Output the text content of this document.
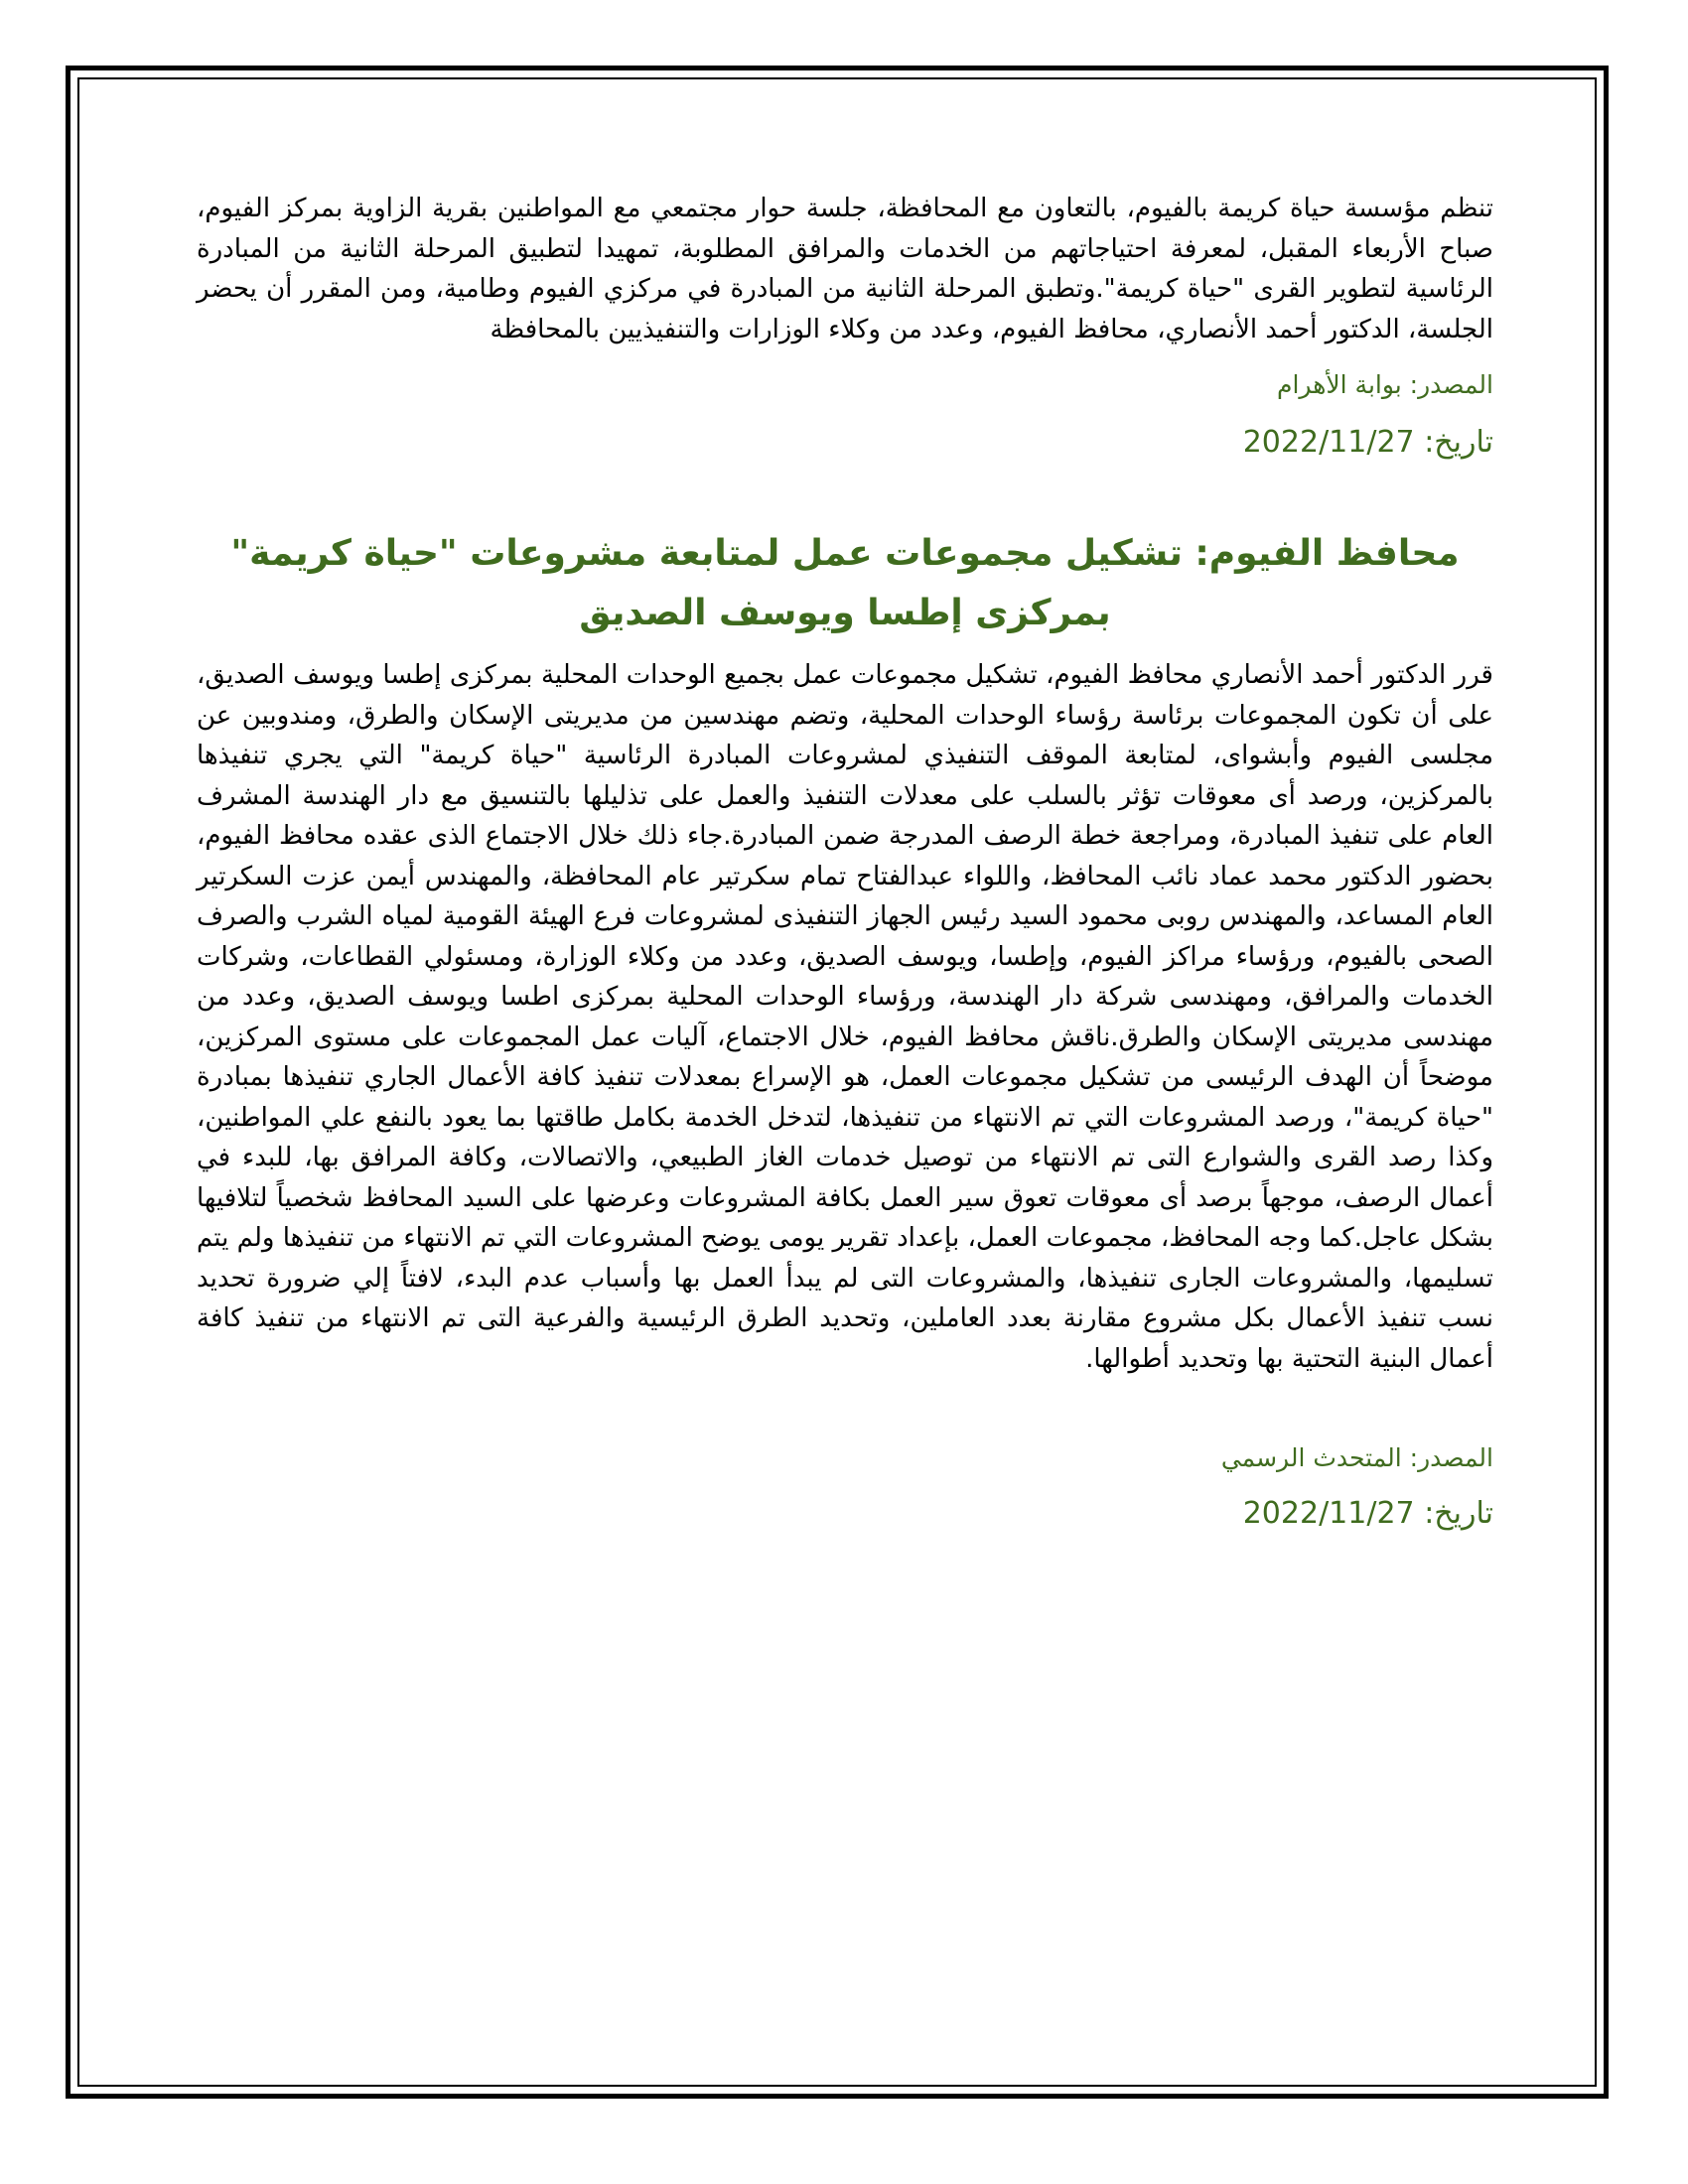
تنظم مؤسسة حياة كريمة بالفيوم، بالتعاون مع المحافظة، جلسة حوار مجتمعي مع المواطنين بقرية الزاوية بمركز الفيوم، صباح الأربعاء المقبل، لمعرفة احتياجاتهم من الخدمات والمرافق المطلوبة، تمهيدا لتطبيق المرحلة الثانية من المبادرة الرئاسية لتطوير القرى "حياة كريمة".وتطبق المرحلة الثانية من المبادرة في مركزي الفيوم وطامية، ومن المقرر أن يحضر الجلسة، الدكتور أحمد الأنصاري، محافظ الفيوم، وعدد من وكلاء الوزارات والتنفيذيين بالمحافظة

المصدر: بوابة الأهرام

تاريخ: 2022/11/27

محافظ الفيوم: تشكيل مجموعات عمل لمتابعة مشروعات "حياة كريمة" بمركزى إطسا ويوسف الصديق

قرر الدكتور أحمد الأنصاري محافظ الفيوم، تشكيل مجموعات عمل بجميع الوحدات المحلية بمركزى إطسا ويوسف الصديق، على أن تكون المجموعات برئاسة رؤساء الوحدات المحلية، وتضم مهندسين من مديريتى الإسكان والطرق، ومندوبين عن مجلسى الفيوم وأبشواى، لمتابعة الموقف التنفيذي لمشروعات المبادرة الرئاسية "حياة كريمة" التي يجري تنفيذها بالمركزين، ورصد أى معوقات تؤثر بالسلب على معدلات التنفيذ والعمل على تذليلها بالتنسيق مع دار الهندسة المشرف العام على تنفيذ المبادرة، ومراجعة خطة الرصف المدرجة ضمن المبادرة.جاء ذلك خلال الاجتماع الذى عقده محافظ الفيوم، بحضور الدكتور محمد عماد نائب المحافظ، واللواء عبدالفتاح تمام سكرتير عام المحافظة، والمهندس أيمن عزت السكرتير العام المساعد، والمهندس روبى محمود السيد رئيس الجهاز التنفيذى لمشروعات فرع الهيئة القومية لمياه الشرب والصرف الصحى بالفيوم، ورؤساء مراكز الفيوم، وإطسا، ويوسف الصديق، وعدد من وكلاء الوزارة، ومسئولي القطاعات، وشركات الخدمات والمرافق، ومهندسى شركة دار الهندسة، ورؤساء الوحدات المحلية بمركزى اطسا ويوسف الصديق، وعدد من مهندسى مديريتى الإسكان والطرق.ناقش محافظ الفيوم، خلال الاجتماع، آليات عمل المجموعات على مستوى المركزين، موضحاً أن الهدف الرئيسى من تشكيل مجموعات العمل، هو الإسراع بمعدلات تنفيذ كافة الأعمال الجاري تنفيذها بمبادرة "حياة كريمة"، ورصد المشروعات التي تم الانتهاء من تنفيذها، لتدخل الخدمة بكامل طاقتها بما يعود بالنفع علي المواطنين، وكذا رصد القرى والشوارع التى تم الانتهاء من توصيل خدمات الغاز الطبيعي، والاتصالات، وكافة المرافق بها، للبدء في أعمال الرصف، موجهاً برصد أى معوقات تعوق سير العمل بكافة المشروعات وعرضها على السيد المحافظ شخصياً لتلافيها بشكل عاجل.كما وجه المحافظ، مجموعات العمل، بإعداد تقرير يومى يوضح المشروعات التي تم الانتهاء من تنفيذها ولم يتم تسليمها، والمشروعات الجارى تنفيذها، والمشروعات التى لم يبدأ العمل بها وأسباب عدم البدء، لافتاً إلي ضرورة تحديد نسب تنفيذ الأعمال بكل مشروع مقارنة بعدد العاملين، وتحديد الطرق الرئيسية والفرعية التى تم الانتهاء من تنفيذ كافة أعمال البنية التحتية بها وتحديد أطوالها.

المصدر: المتحدث الرسمي

تاريخ: 2022/11/27
